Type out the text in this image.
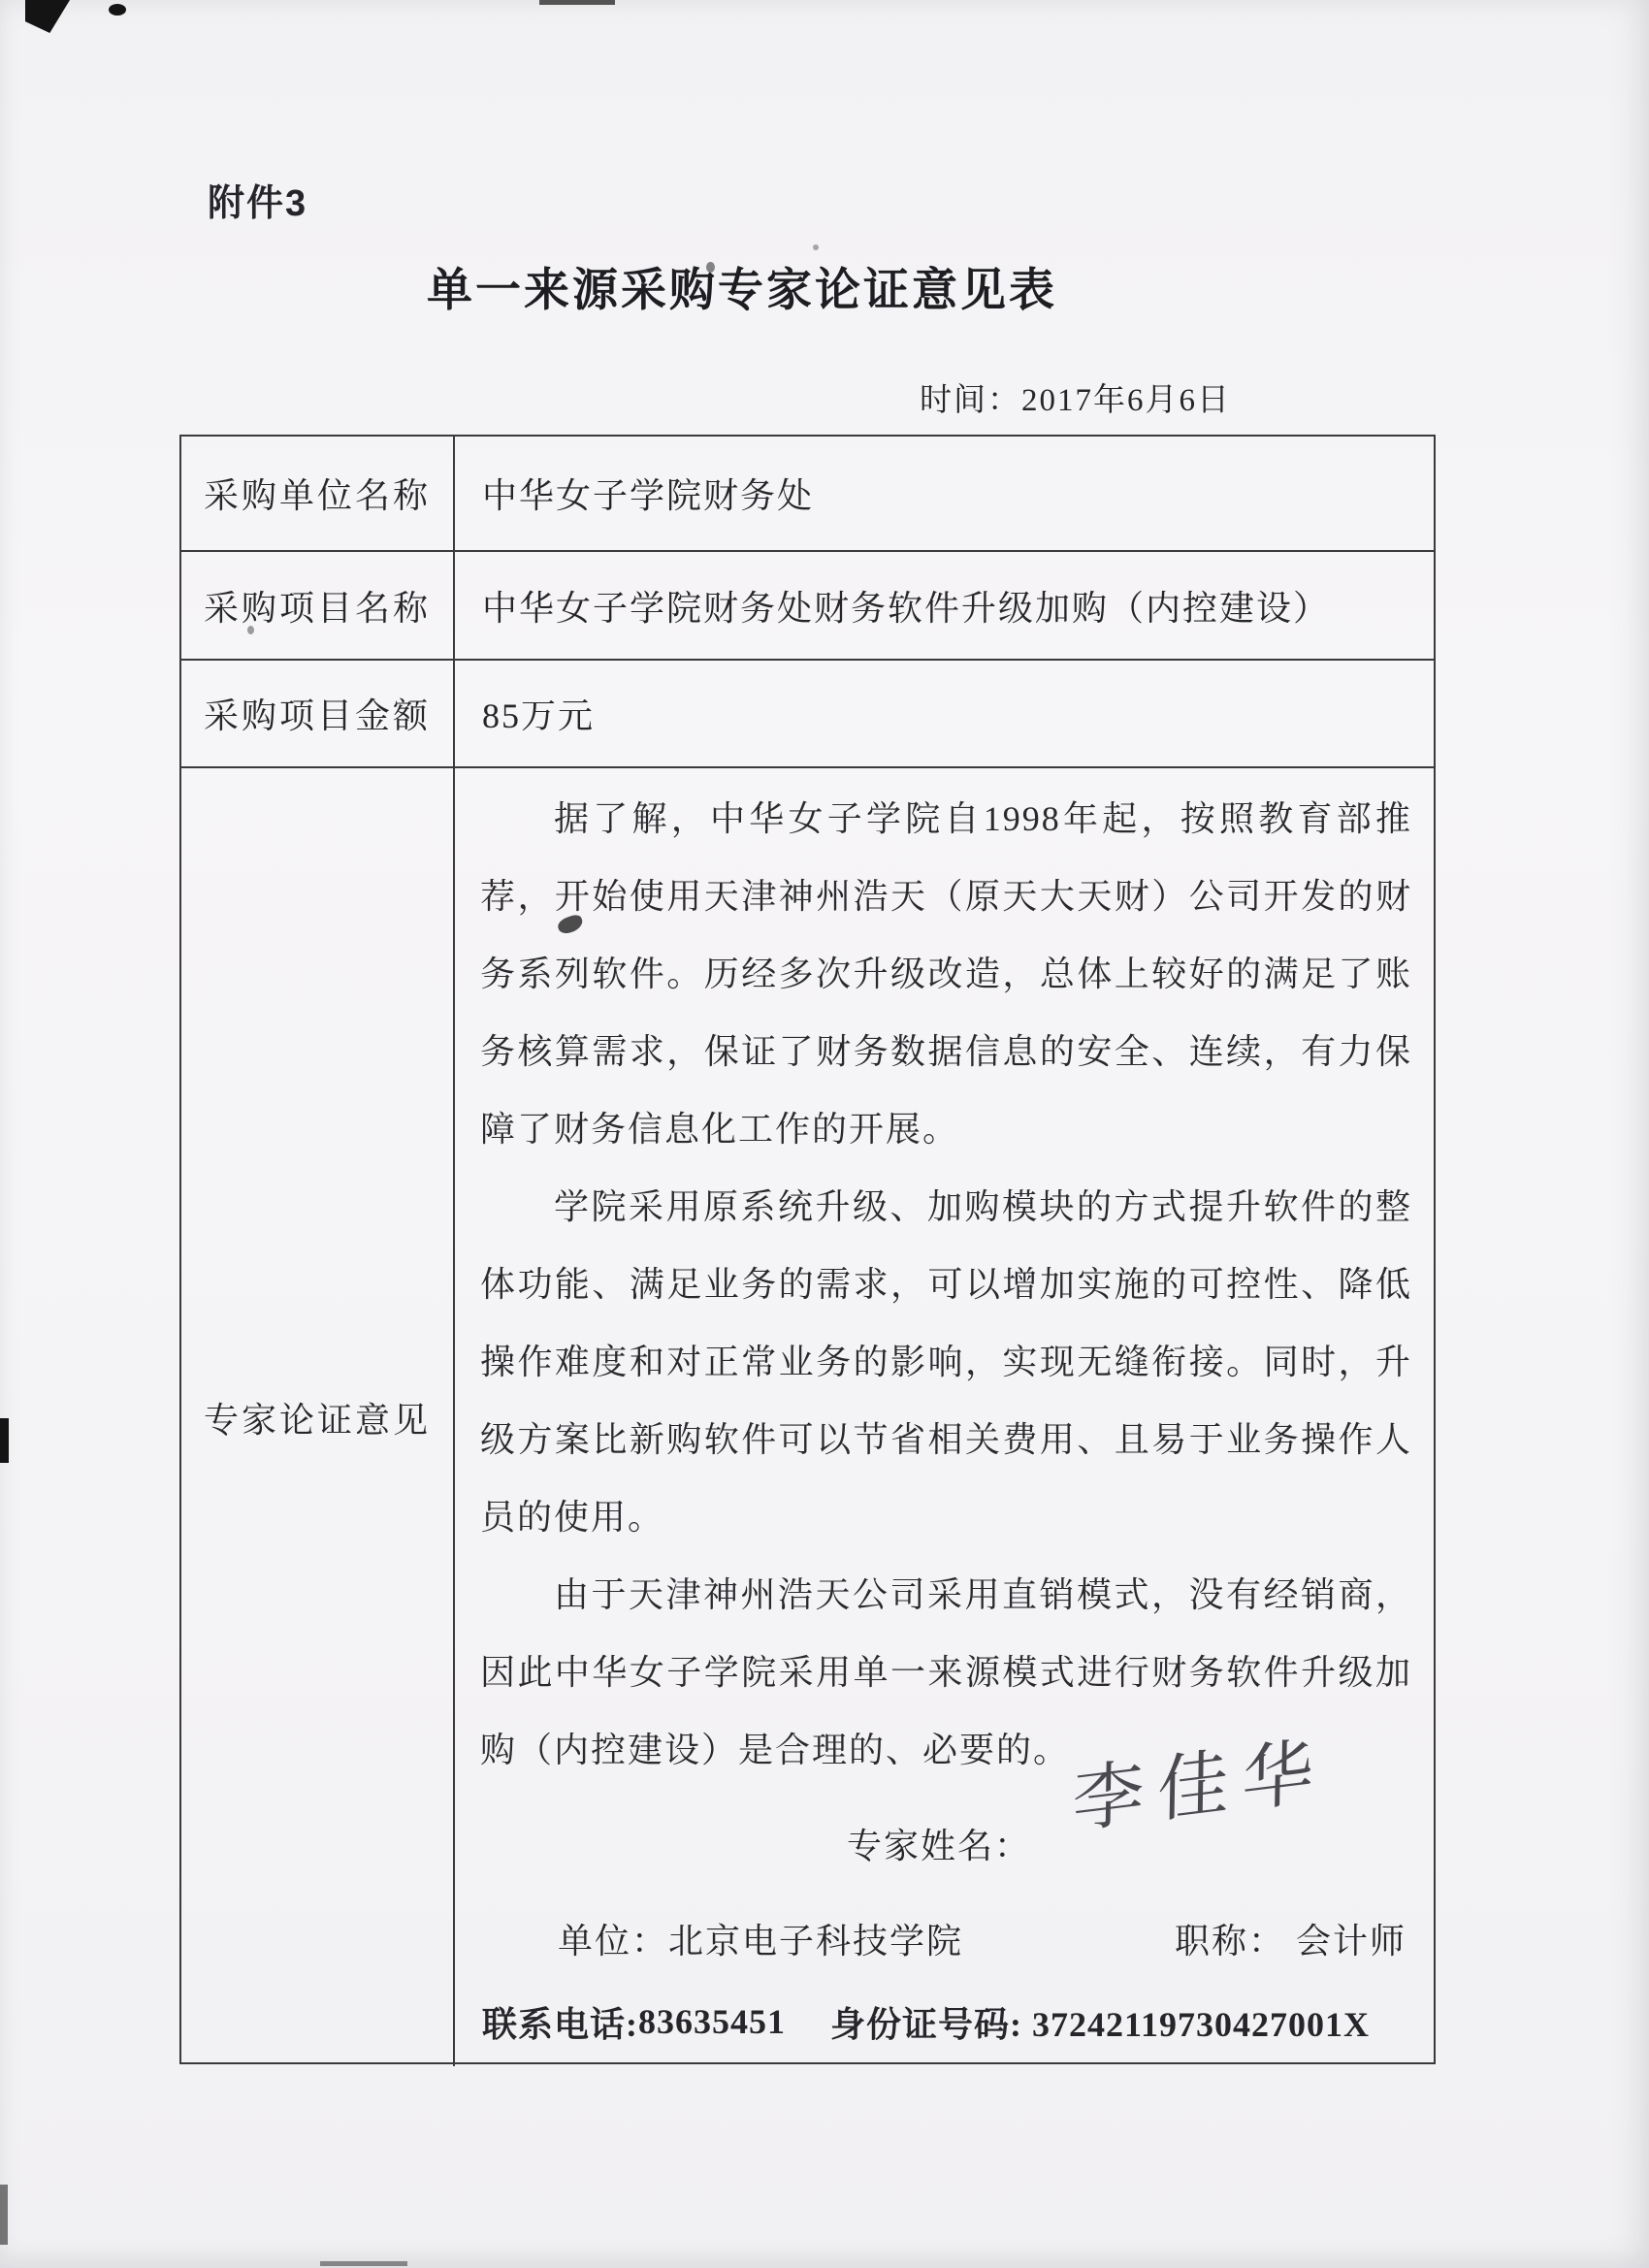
附件3
单一来源采购专家论证意见表
时间：2017年6月6日
采购单位名称	中华女子学院财务处
采购项目名称	中华女子学院财务处财务软件升级加购（内控建设）
采购项目金额	85万元
专家论证意见

据了解，中华女子学院自1998年起，按照教育部推荐，开始使用天津神州浩天（原天大天财）公司开发的财务系列软件。历经多次升级改造，总体上较好的满足了账务核算需求，保证了财务数据信息的安全、连续，有力保障了财务信息化工作的开展。

学院采用原系统升级、加购模块的方式提升软件的整体功能、满足业务的需求，可以增加实施的可控性、降低操作难度和对正常业务的影响，实现无缝衔接。同时，升级方案比新购软件可以节省相关费用、且易于业务操作人员的使用。

由于天津神州浩天公司采用直销模式，没有经销商，因此中华女子学院采用单一来源模式进行财务软件升级加购（内控建设）是合理的、必要的。

专家姓名：
李佳华
单位： 北京电子科技学院	职称： 会计师
联系电话: 83635451 身份证号码: 37242119730427001X
